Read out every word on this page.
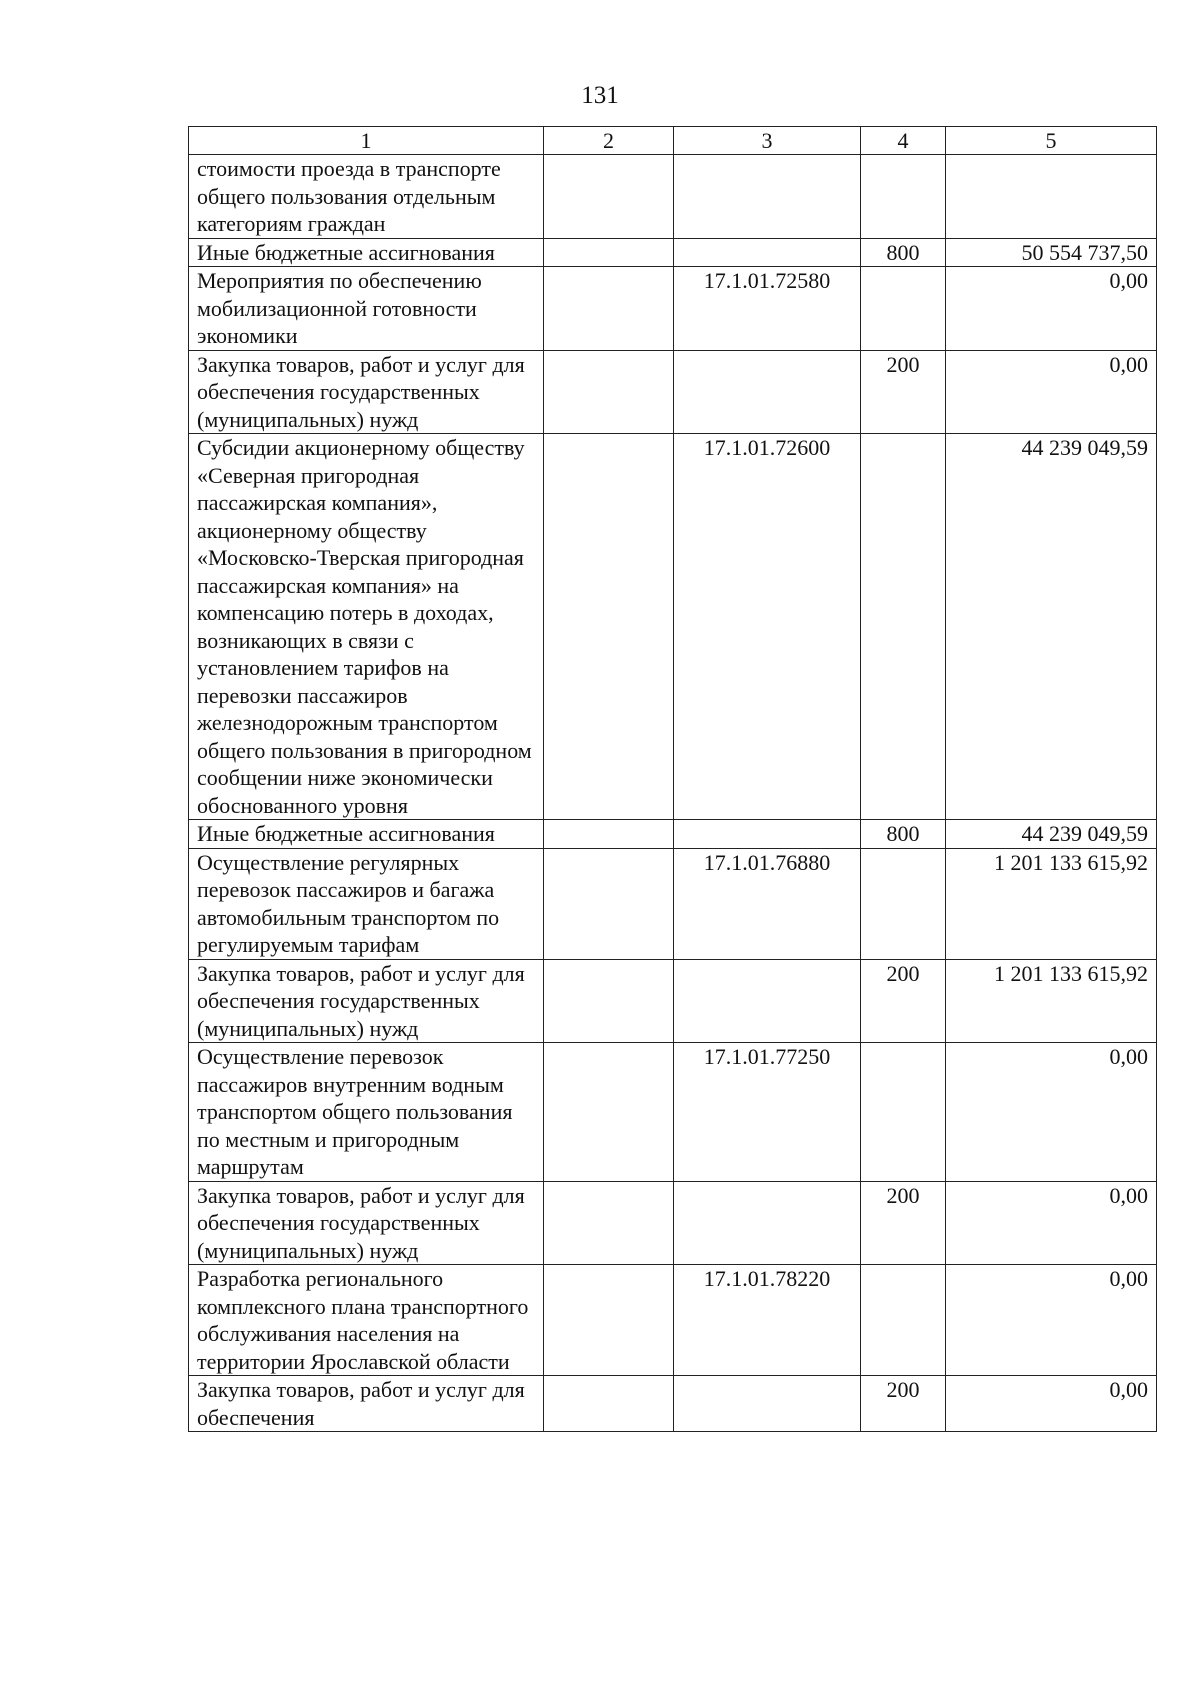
131
1	2	3	4	5
стоимости проезда в транспорте общего пользования отдельным категориям граждан				
Иные бюджетные ассигнования			800	50 554 737,50
Мероприятия по обеспечению мобилизационной готовности экономики		17.1.01.72580		0,00
Закупка товаров, работ и услуг для обеспечения государственных (муниципальных) нужд			200	0,00
Субсидии акционерному обществу «Северная пригородная пассажирская компания», акционерному обществу «Московско-Тверская пригородная пассажирская компания» на компенсацию потерь в доходах, возникающих в связи с установлением тарифов на перевозки пассажиров железнодорожным транспортом общего пользования в пригородном сообщении ниже экономически обоснованного уровня		17.1.01.72600		44 239 049,59
Иные бюджетные ассигнования			800	44 239 049,59
Осуществление регулярных перевозок пассажиров и багажа автомобильным транспортом по регулируемым тарифам		17.1.01.76880		1 201 133 615,92
Закупка товаров, работ и услуг для обеспечения государственных (муниципальных) нужд			200	1 201 133 615,92
Осуществление перевозок пассажиров внутренним водным транспортом общего пользования по местным и пригородным маршрутам		17.1.01.77250		0,00
Закупка товаров, работ и услуг для обеспечения государственных (муниципальных) нужд			200	0,00
Разработка регионального комплексного плана транспортного обслуживания населения на территории Ярославской области		17.1.01.78220		0,00
Закупка товаров, работ и услуг для обеспечения			200	0,00
